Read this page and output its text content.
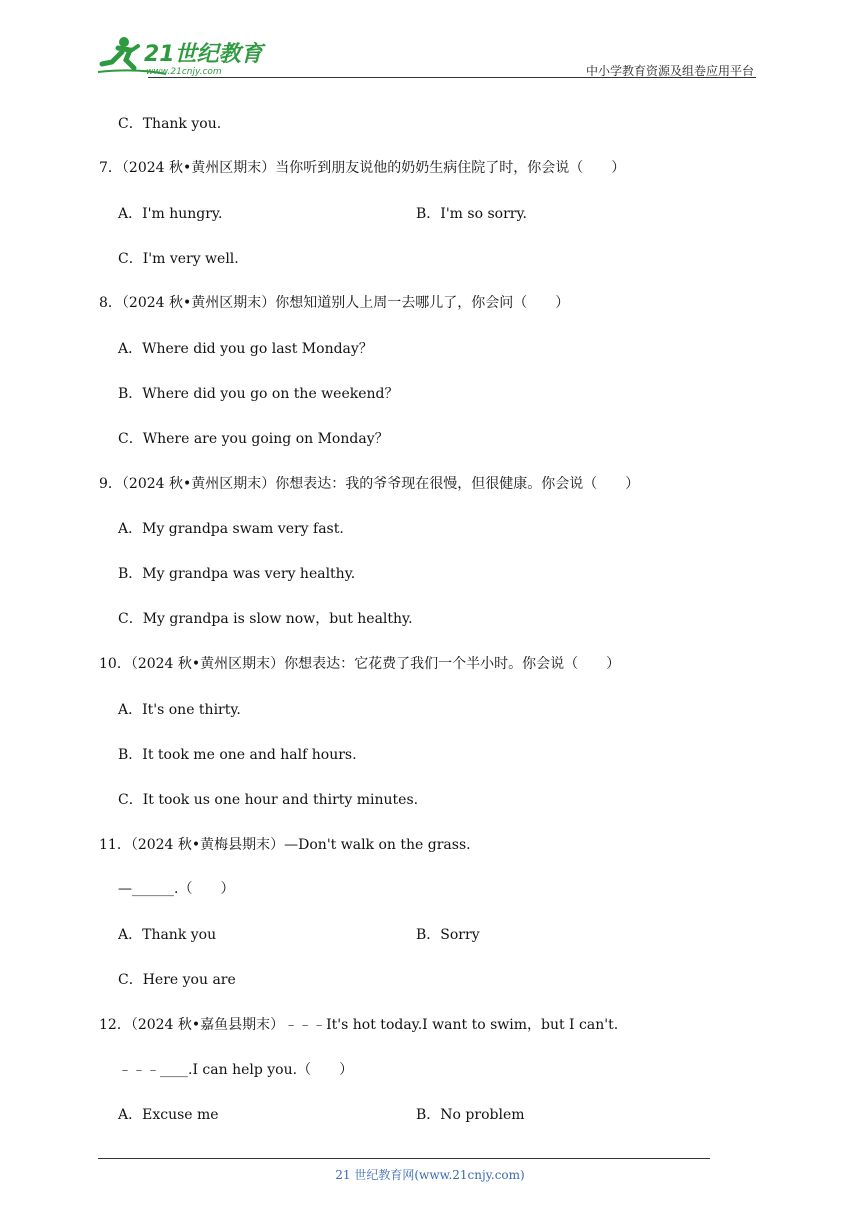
21世纪教育
www.21cnjy.com	中小学教育资源及组卷应用平台
C．Thank you.
7．（2024 秋•黄州区期末）当你听到朋友说他的奶奶生病住院了时，你会说（　　）
A．I'm hungry.	B．I'm so sorry.
C．I'm very well.
8．（2024 秋•黄州区期末）你想知道别人上周一去哪儿了，你会问（　　）
A．Where did you go last Monday？
B．Where did you go on the weekend？
C．Where are you going on Monday？
9．（2024 秋•黄州区期末）你想表达：我的爷爷现在很慢，但很健康。你会说（　　）
A．My grandpa swam very fast.
B．My grandpa was very healthy.
C．My grandpa is slow now，but healthy.
10．（2024 秋•黄州区期末）你想表达：它花费了我们一个半小时。你会说（　　）
A．It's one thirty.
B．It took me one and half hours.
C．It took us one hour and thirty minutes.
11．（2024 秋•黄梅县期末）—Don't walk on the grass.
—______.（　　）
A．Thank you	B．Sorry
C．Here you are
12．（2024 秋•嘉鱼县期末）﹣﹣﹣It's hot today.I want to swim，but I can't.
﹣﹣﹣____.I can help you.（　　）
A．Excuse me	B．No problem
21 世纪教育网(www.21cnjy.com)
